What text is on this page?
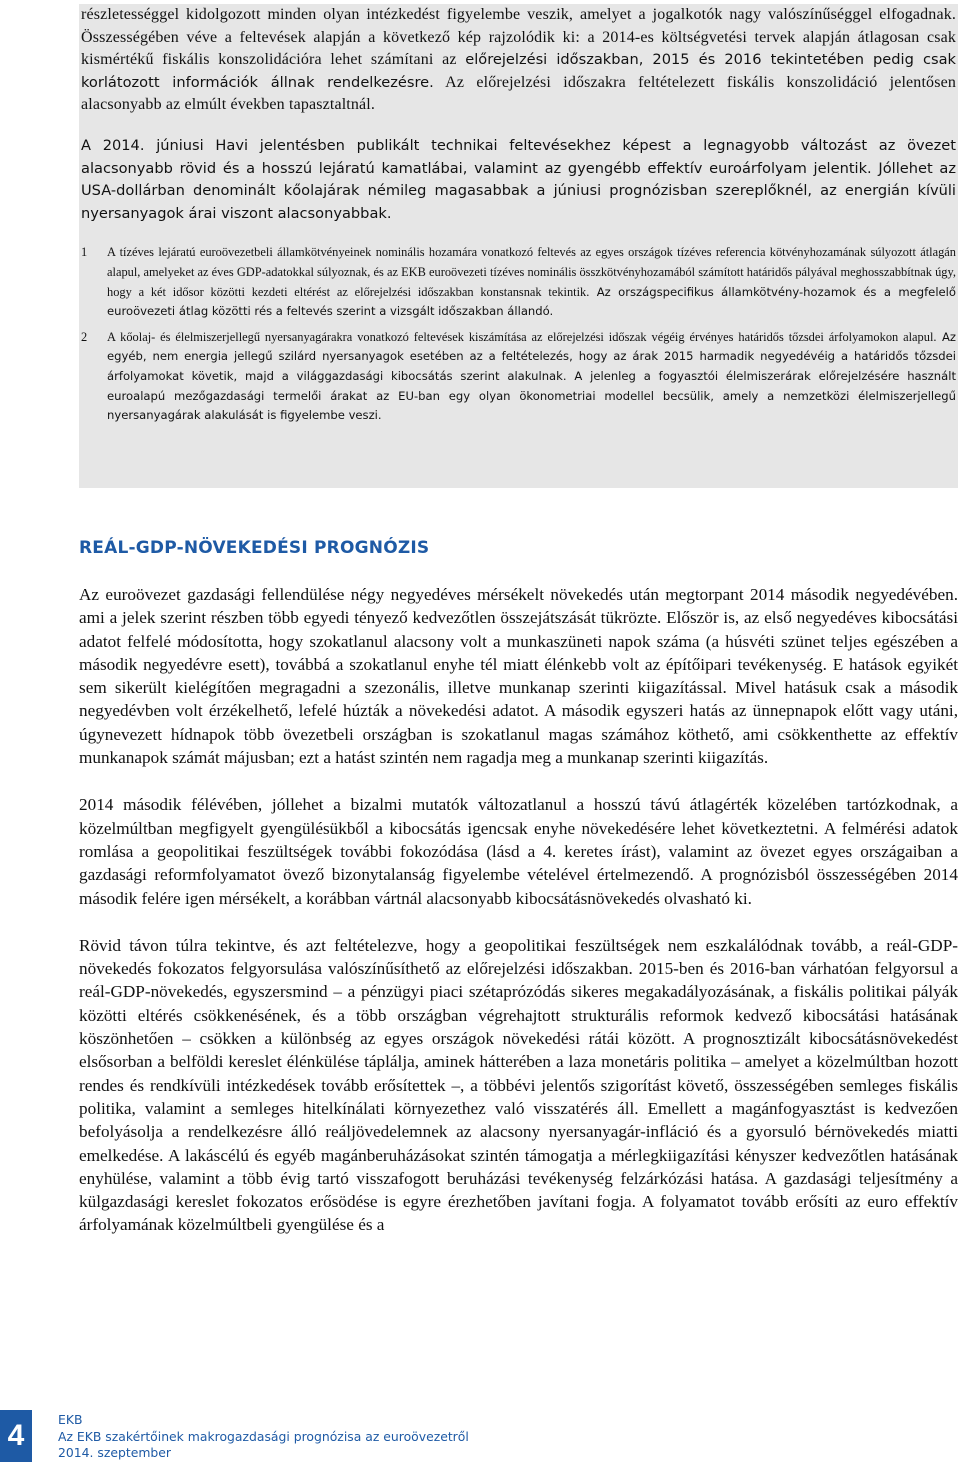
részletességgel kidolgozott minden olyan intézkedést figyelembe veszik, amelyet a jogalkotók nagy valószínűséggel elfogadnak. Összességében véve a feltevések alapján a következő kép rajzolódik ki: a 2014-es költségvetési tervek alapján átlagosan csak kismértékű fiskális konszolidációra lehet számítani az előrejelzési időszakban, 2015 és 2016 tekintetében pedig csak korlátozott információk állnak rendelkezésre. Az előrejelzési időszakra feltételezett fiskális konszolidáció jelentősen alacsonyabb az elmúlt években tapasztaltnál.

A 2014. júniusi Havi jelentésben publikált technikai feltevésekhez képest a legnagyobb változást az övezet alacsonyabb rövid és a hosszú lejáratú kamatlábai, valamint az gyengébb effektív euroárfolyam jelentik. Jóllehet az USA-dollárban denominált kőolajárak némileg magasabbak a júniusi prognózisban szereplőknél, az energián kívüli nyersanyagok árai viszont alacsonyabbak.

1	A tízéves lejáratú euroövezetbeli államkötvényeinek nominális hozamára vonatkozó feltevés az egyes országok tízéves referencia kötvényhozamának súlyozott átlagán alapul, amelyeket az éves GDP-adatokkal súlyoznak, és az EKB euroövezeti tízéves nominális összkötvényhozamából számított határidős pályával meghosszabbítnak úgy, hogy a két idősor közötti kezdeti eltérést az előrejelzési időszakban konstansnak tekintik. Az országspecifikus államkötvény-hozamok és a megfelelő euroövezeti átlag közötti rés a feltevés szerint a vizsgált időszakban állandó.
2	A kőolaj- és élelmiszerjellegű nyersanyagárakra vonatkozó feltevések kiszámítása az előrejelzési időszak végéig érvényes határidős tőzsdei árfolyamokon alapul. Az egyéb, nem energia jellegű szilárd nyersanyagok esetében az a feltételezés, hogy az árak 2015 harmadik negyedévéig a határidős tőzsdei árfolyamokat követik, majd a világgazdasági kibocsátás szerint alakulnak. A jelenleg a fogyasztói élelmiszerárak előrejelzésére használt euroalapú mezőgazdasági termelői árakat az EU-ban egy olyan ökonometriai modellel becsülik, amely a nemzetközi élelmiszerjellegű nyersanyagárak alakulását is figyelembe veszi.
REÁL-GDP-NÖVEKEDÉSI PROGNÓZIS

Az euroövezet gazdasági fellendülése négy negyedéves mérsékelt növekedés után megtorpant 2014 második negyedévében. ami a jelek szerint részben több egyedi tényező kedvezőtlen összejátszását tükrözte. Először is, az első negyedéves kibocsátási adatot felfelé módosította, hogy szokatlanul alacsony volt a munkaszüneti napok száma (a húsvéti szünet teljes egészében a második negyedévre esett), továbbá a szokatlanul enyhe tél miatt élénkebb volt az építőipari tevékenység. E hatások egyikét sem sikerült kielégítően megragadni a szezonális, illetve munkanap szerinti kiigazítással. Mivel hatásuk csak a második negyedévben volt érzékelhető, lefelé húzták a növekedési adatot. A második egyszeri hatás az ünnepnapok előtt vagy utáni, úgynevezett hídnapok több övezetbeli országban is szokatlanul magas számához köthető, ami csökkenthette az effektív munkanapok számát májusban; ezt a hatást szintén nem ragadja meg a munkanap szerinti kiigazítás.

2014 második félévében, jóllehet a bizalmi mutatók változatlanul a hosszú távú átlagérték közelében tartózkodnak, a közelmúltban megfigyelt gyengülésükből a kibocsátás igencsak enyhe növekedésére lehet következtetni. A felmérési adatok romlása a geopolitikai feszültségek további fokozódása (lásd a 4. keretes írást), valamint az övezet egyes országaiban a gazdasági reformfolyamatot övező bizonytalanság figyelembe vételével értelmezendő. A prognózisból összességében 2014 második felére igen mérsékelt, a korábban vártnál alacsonyabb kibocsátásnövekedés olvasható ki.

Rövid távon túlra tekintve, és azt feltételezve, hogy a geopolitikai feszültségek nem eszkalálódnak tovább, a reál-GDP-növekedés fokozatos felgyorsulása valószínűsíthető az előrejelzési időszakban. 2015-ben és 2016-ban várhatóan felgyorsul a reál-GDP-növekedés, egyszersmind – a pénzügyi piaci szétaprózódás sikeres megakadályozásának, a fiskális politikai pályák közötti eltérés csökkenésének, és a több országban végrehajtott strukturális reformok kedvező kibocsátási hatásának köszönhetően – csökken a különbség az egyes országok növekedési rátái között. A prognosztizált kibocsátásnövekedést elsősorban a belföldi kereslet élénkülése táplálja, aminek hátterében a laza monetáris politika – amelyet a közelmúltban hozott rendes és rendkívüli intézkedések tovább erősítettek –, a többévi jelentős szigorítást követő, összességében semleges fiskális politika, valamint a semleges hitelkínálati környezethez való visszatérés áll. Emellett a magánfogyasztást is kedvezően befolyásolja a rendelkezésre álló reáljövedelemnek az alacsony nyersanyagár-infláció és a gyorsuló bérnövekedés miatti emelkedése. A lakáscélú és egyéb magánberuházásokat szintén támogatja a mérlegkiigazítási kényszer kedvezőtlen hatásának enyhülése, valamint a több évig tartó visszafogott beruházási tevékenység felzárkózási hatása. A gazdasági teljesítmény a külgazdasági kereslet fokozatos erősödése is egyre érezhetőben javítani fogja. A folyamatot tovább erősíti az euro effektív árfolyamának közelmúltbeli gyengülése és a

4	EKB
Az EKB szakértőinek makrogazdasági prognózisa az euroövezetről
2014. szeptember
